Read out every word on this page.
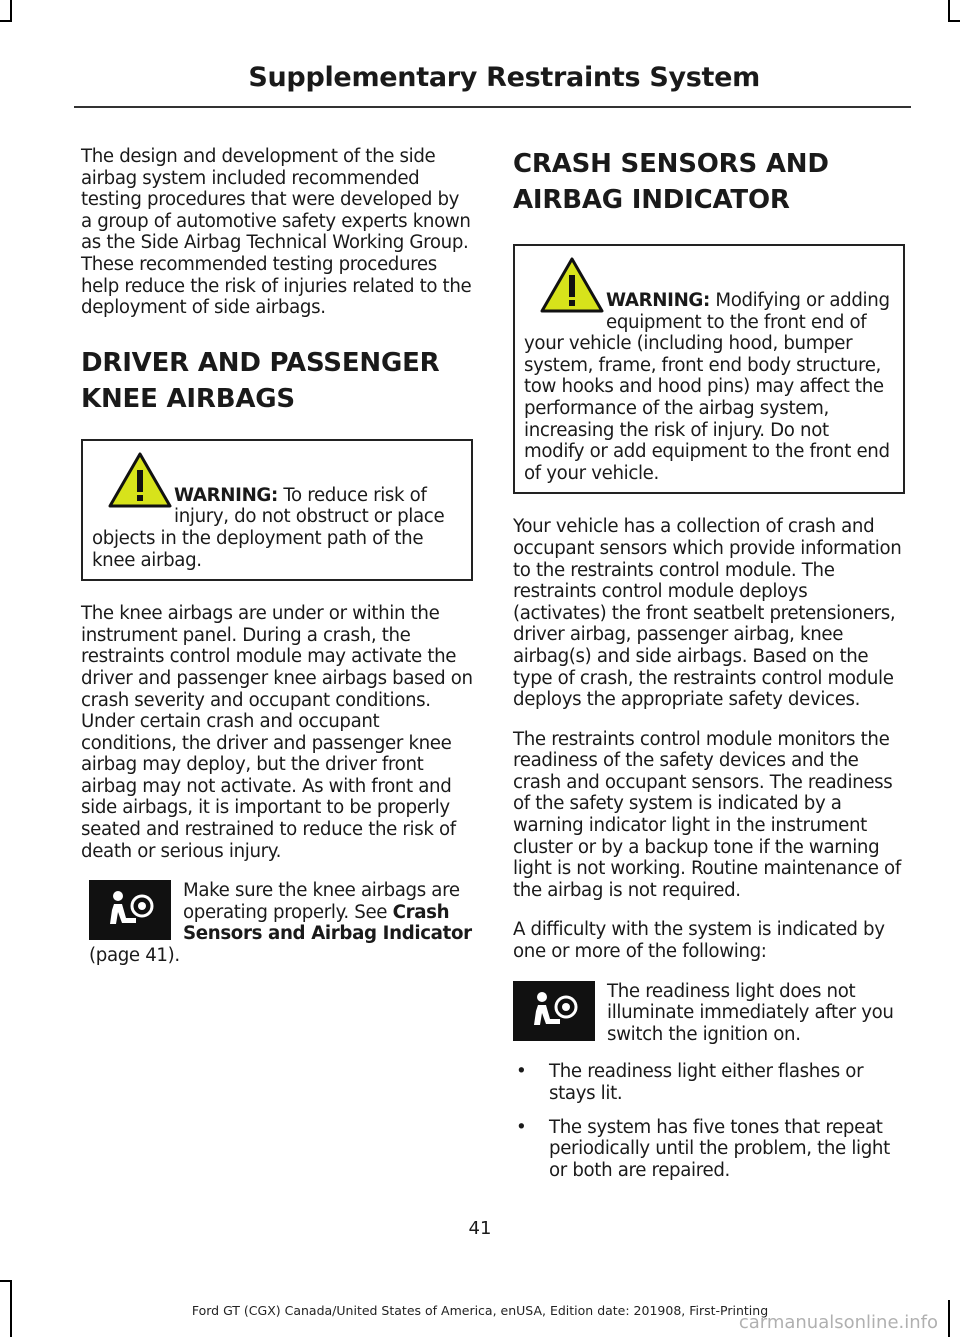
Supplementary Restraints System

The design and development of the side airbag system included recommended testing procedures that were developed by a group of automotive safety experts known as the Side Airbag Technical Working Group. These recommended testing procedures help reduce the risk of injuries related to the deployment of side airbags.

DRIVER AND PASSENGER KNEE AIRBAGS
WARNING: To reduce risk of injury, do not obstruct or place objects in the deployment path of the knee airbag.

The knee airbags are under or within the instrument panel. During a crash, the restraints control module may activate the driver and passenger knee airbags based on crash severity and occupant conditions. Under certain crash and occupant conditions, the driver and passenger knee airbag may deploy, but the driver front airbag may not activate. As with front and side airbags, it is important to be properly seated and restrained to reduce the risk of death or serious injury.

Make sure the knee airbags are operating properly. See Crash Sensors and Airbag Indicator (page 41).
CRASH SENSORS AND AIRBAG INDICATOR
WARNING: Modifying or adding equipment to the front end of your vehicle (including hood, bumper system, frame, front end body structure, tow hooks and hood pins) may affect the performance of the airbag system, increasing the risk of injury. Do not modify or add equipment to the front end of your vehicle.

Your vehicle has a collection of crash and occupant sensors which provide information to the restraints control module. The restraints control module deploys (activates) the front seatbelt pretensioners, driver airbag, passenger airbag, knee airbag(s) and side airbags. Based on the type of crash, the restraints control module deploys the appropriate safety devices.

The restraints control module monitors the readiness of the safety devices and the crash and occupant sensors. The readiness of the safety system is indicated by a warning indicator light in the instrument cluster or by a backup tone if the warning light is not working. Routine maintenance of the airbag is not required.

A difficulty with the system is indicated by one or more of the following:

The readiness light does not illuminate immediately after you switch the ignition on.
• The readiness light either flashes or stays lit.
• The system has five tones that repeat periodically until the problem, the light or both are repaired.
41
Ford GT (CGX) Canada/United States of America, enUSA, Edition date: 201908, First-Printing
carmanualsonline.info
